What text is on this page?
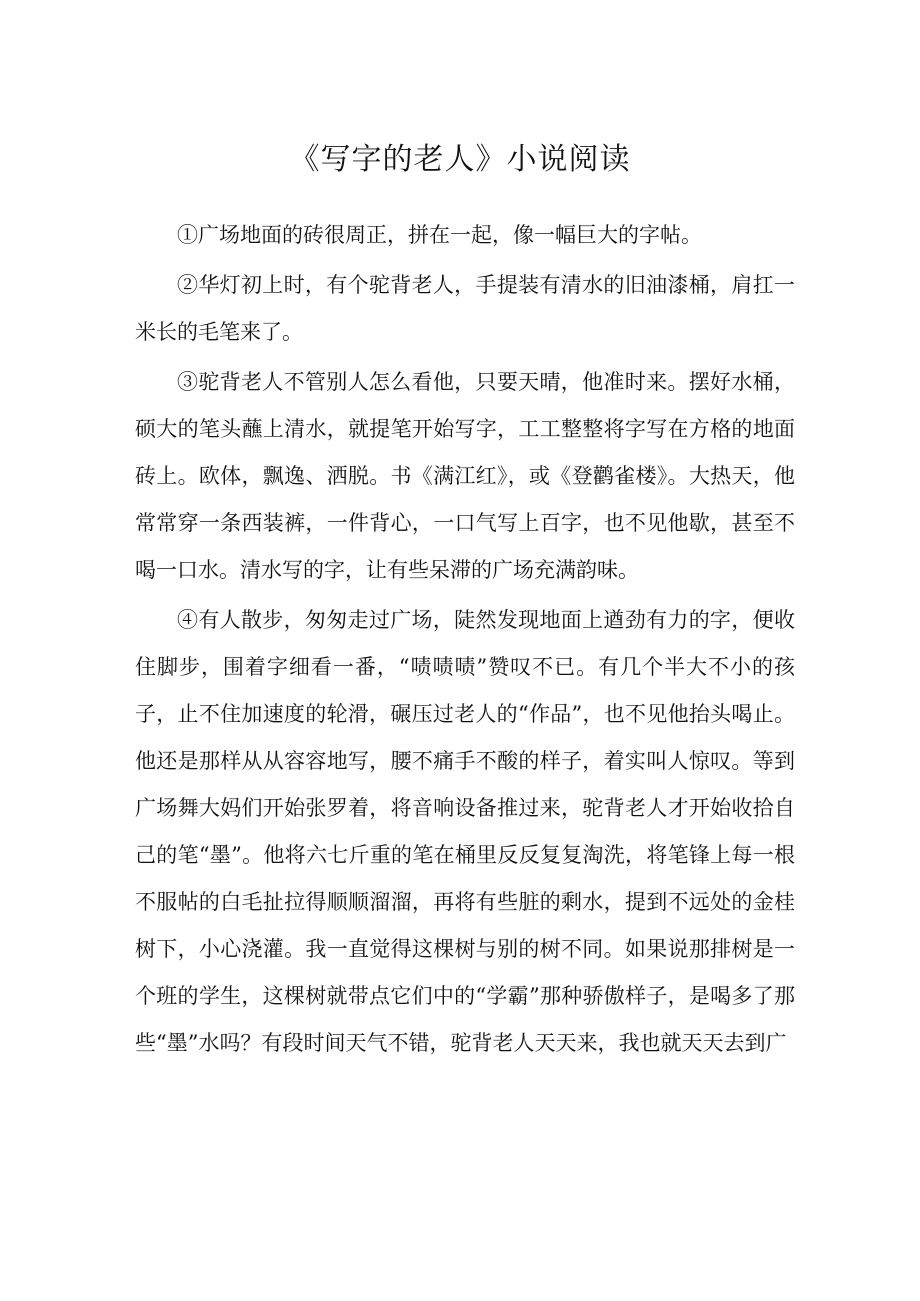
《写字的老人》小说阅读

①广场地面的砖很周正，拼在一起，像一幅巨大的字帖。

②华灯初上时，有个驼背老人，手提装有清水的旧油漆桶，肩扛一米长的毛笔来了。

③驼背老人不管别人怎么看他，只要天晴，他准时来。摆好水桶，硕大的笔头蘸上清水，就提笔开始写字，工工整整将字写在方格的地面砖上。欧体，飘逸、洒脱。书《满江红》，或《登鹳雀楼》。大热天，他常常穿一条西装裤，一件背心，一口气写上百字，也不见他歇，甚至不喝一口水。清水写的字，让有些呆滞的广场充满韵味。

④有人散步，匆匆走过广场，陡然发现地面上遒劲有力的字，便收住脚步，围着字细看一番，“啧啧啧”赞叹不已。有几个半大不小的孩子，止不住加速度的轮滑，碾压过老人的“作品”，也不见他抬头喝止。他还是那样从从容容地写，腰不痛手不酸的样子，着实叫人惊叹。等到广场舞大妈们开始张罗着，将音响设备推过来，驼背老人才开始收拾自己的笔“墨”。他将六七斤重的笔在桶里反反复复淘洗，将笔锋上每一根不服帖的白毛扯拉得顺顺溜溜，再将有些脏的剩水，提到不远处的金桂树下，小心浇灌。我一直觉得这棵树与别的树不同。如果说那排树是一个班的学生，这棵树就带点它们中的“学霸”那种骄傲样子，是喝多了那些“墨”水吗？有段时间天气不错，驼背老人天天来，我也就天天去到广
